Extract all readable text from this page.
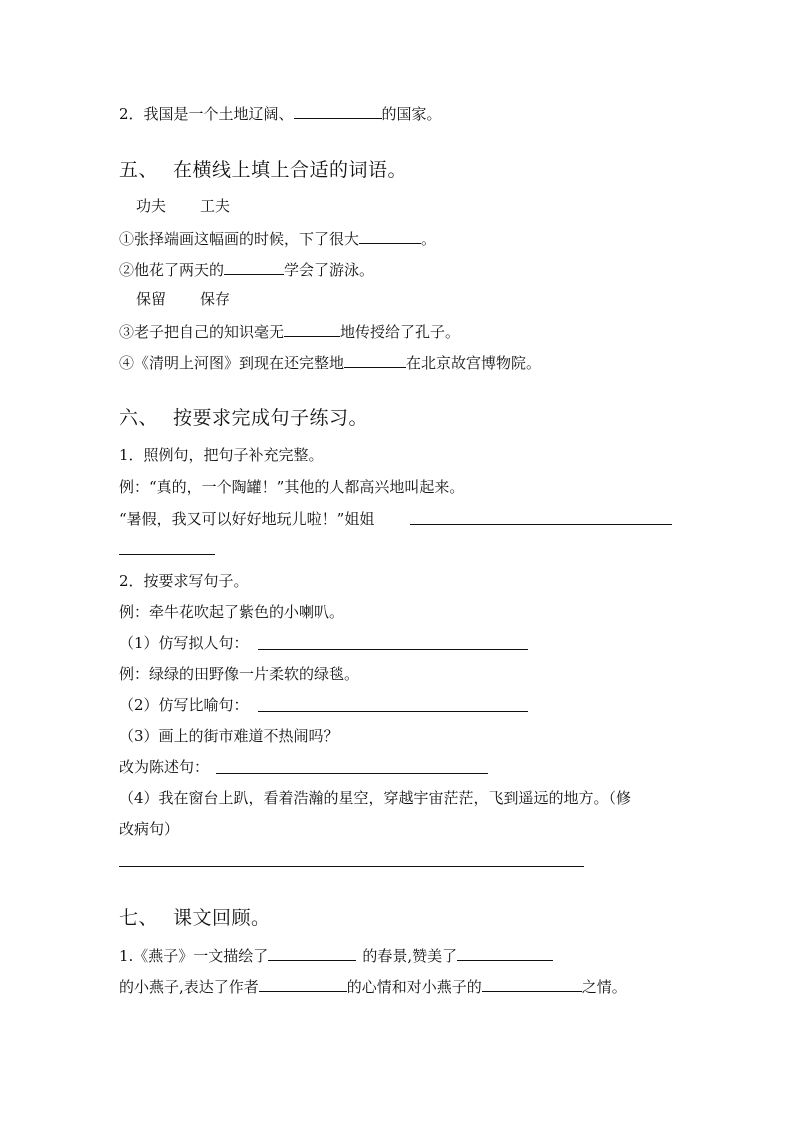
2．我国是一个土地辽阔、	的国家。
五、 在横线上填上合适的词语。
功夫 工夫
①张择端画这幅画的时候，下了很大	。
②他花了两天的	学会了游泳。
保留 保存
③老子把自己的知识毫无	地传授给了孔子。
④《清明上河图》到现在还完整地	在北京故宫博物院。
六、 按要求完成句子练习。
1．照例句，把句子补充完整。
例：“真的，一个陶罐！”其他的人都高兴地叫起来。
“暑假，我又可以好好地玩儿啦！”姐姐
2．按要求写句子。
例：牵牛花吹起了紫色的小喇叭。
（1）仿写拟人句：
例：绿绿的田野像一片柔软的绿毯。
（2）仿写比喻句：
（3）画上的街市难道不热闹吗？
改为陈述句：
（4）我在窗台上趴，看着浩瀚的星空，穿越宇宙茫茫，飞到遥远的地方。（修
改病句）
七、 课文回顾。
1.《燕子》一文描绘了	的春景,赞美了
的小燕子,表达了作者	的心情和对小燕子的	之情。
